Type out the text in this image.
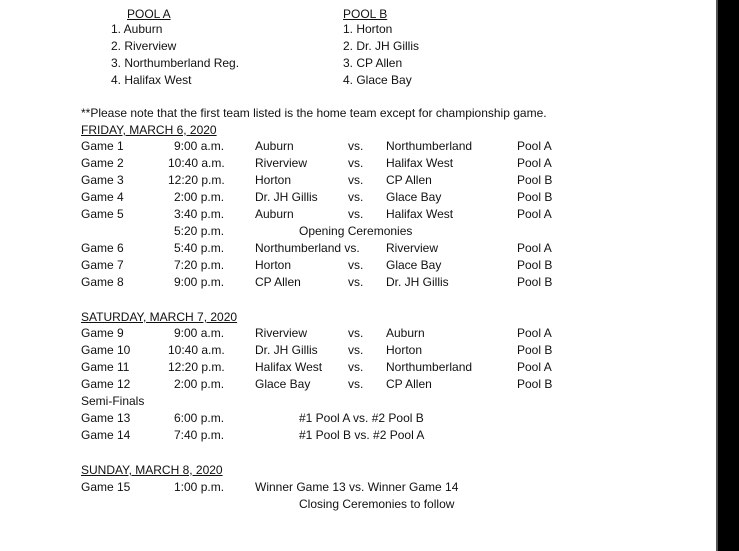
POOL A
1. Auburn
2. Riverview
3. Northumberland Reg.
4. Halifax West
POOL B
1. Horton
2. Dr. JH Gillis
3. CP Allen
4. Glace Bay
**Please note that the first team listed is the home team except for championship game.
FRIDAY, MARCH 6, 2020
Game 1	9:00 a.m.	Auburn	vs. Northumberland	Pool A
Game 2	10:40 a.m.	Riverview	vs. Halifax West	Pool A
Game 3	12:20 p.m.	Horton	vs. CP Allen	Pool B
Game 4	2:00 p.m.	Dr. JH Gillis	vs. Glace Bay	Pool B
Game 5	3:40 p.m.	Auburn	vs. Halifax West	Pool A
5:20 p.m.	Opening Ceremonies
Game 6	5:40 p.m.	Northumberland vs. Riverview	Pool A
Game 7	7:20 p.m.	Horton	vs. Glace Bay	Pool B
Game 8	9:00 p.m.	CP Allen	vs. Dr. JH Gillis	Pool B
SATURDAY, MARCH 7, 2020
Game 9	9:00 a.m.	Riverview	vs. Auburn	Pool A
Game 10	10:40 a.m.	Dr. JH Gillis	vs. Horton	Pool B
Game 11	12:20 p.m.	Halifax West vs. Northumberland	Pool A
Game 12	2:00 p.m.	Glace Bay	vs. CP Allen	Pool B
Semi-Finals
Game 13	6:00 p.m.	#1 Pool A vs. #2 Pool B
Game 14	7:40 p.m.	#1 Pool B vs. #2 Pool A
SUNDAY, MARCH 8, 2020
Game 15	1:00 p.m.	Winner Game 13 vs. Winner Game 14
Closing Ceremonies to follow
